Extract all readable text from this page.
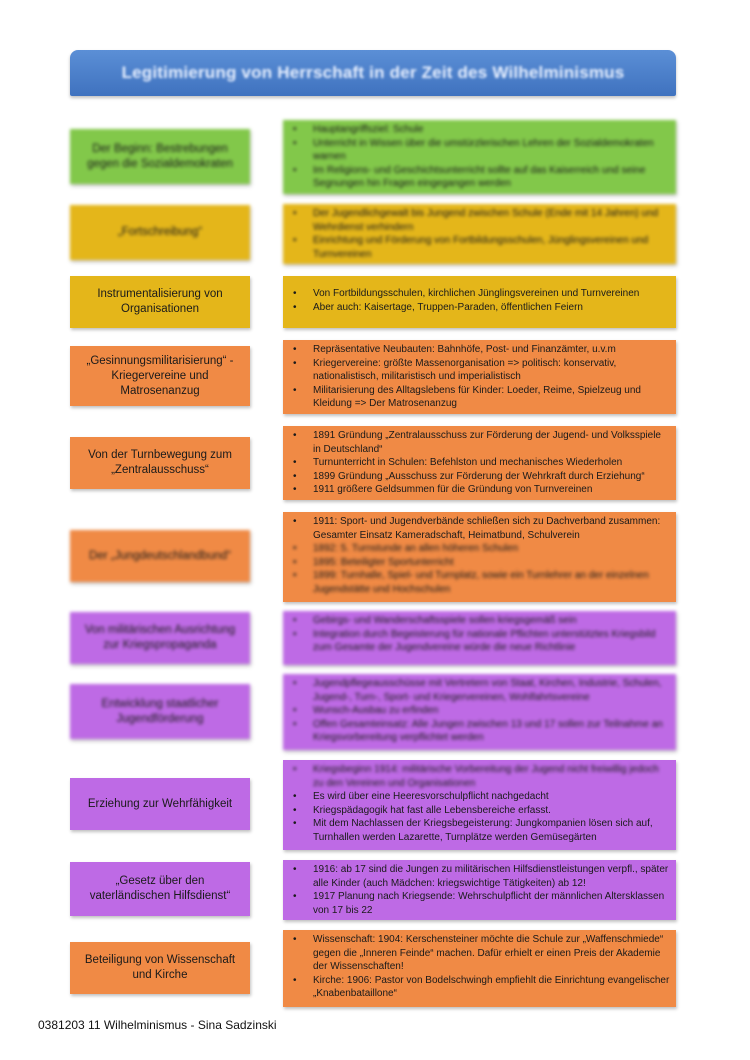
Legitimierung von Herrschaft in der Zeit des Wilhelminismus
Der Beginn: Bestrebungen gegen die Sozialdemokraten
• Hauptangriffsziel: Schule
• Unterricht in Wissen über die umstürzlerischen Lehren der Sozialdemokraten warnen
• Im Religions- und Geschichtsunterricht sollte auf das Kaiserreich und seine Segnungen hin Fragen eingegangen werden
„Fortschreibung“
• Der Jugendlichgewalt bis Jungend zwischen Schule (Ende mit 14 Jahren) und Wehrdienst verhindern
• Einrichtung und Förderung von Fortbildungsschulen, Jünglingsvereinen und Turnvereinen
Instrumentalisierung von Organisationen
• Von Fortbildungsschulen, kirchlichen Jünglingsvereinen und Turnvereinen
• Aber auch: Kaisertage, Truppen-Paraden, öffentlichen Feiern
„Gesinnungsmilitarisierung“ - Kriegervereine und Matrosenanzug
• Repräsentative Neubauten: Bahnhöfe, Post- und Finanzämter, u.v.m
• Kriegervereine: größte Massenorganisation => politisch: konservativ, nationalistisch, militaristisch und imperialistisch
• Militarisierung des Alltagslebens für Kinder: Loeder, Reime, Spielzeug und Kleidung => Der Matrosenanzug
Von der Turnbewegung zum „Zentralausschuss“
• 1891 Gründung „Zentralausschuss zur Förderung der Jugend- und Volksspiele in Deutschland“
• Turnunterricht in Schulen: Befehlston und mechanisches Wiederholen
• 1899 Gründung „Ausschuss zur Förderung der Wehrkraft durch Erziehung“
• 1911 größere Geldsummen für die Gründung von Turnvereinen
Der „Jungdeutschlandbund“
• 1911: Sport- und Jugendverbände schließen sich zu Dachverband zusammen: Gesamter Einsatz Kameradschaft, Heimatbund, Schulverein
• 1892: 5. Turnstunde an allen höheren Schulen
• 1895: Beteiligter Sportunterricht
• 1899: Turnhalle, Spiel- und Turnplatz, sowie ein Turnlehrer an der einzelnen Jugendstätte und Hochschulen
Von militärischen Ausrichtung zur Kriegspropaganda
• Gebirgs- und Wanderschaftsspiele sollen kriegsgemäß sein
• Integration durch Begeisterung für nationale Pflichten unterstütztes Kriegsbild zum Gesamte der Jugendvereine würde die neue Richtlinie
Entwicklung staatlicher Jugendförderung
• Jugendpflegeausschüsse mit Vertretern von Staat, Kirchen, Industrie, Schulen, Jugend-, Turn-, Sport- und Kriegervereinen, Wohlfahrtsvereine
• Wunsch-Ausbau zu erfinden
• Offen Gesamteinsatz: Alle Jungen zwischen 13 und 17 sollen zur Teilnahme an Kriegsvorbereitung verpflichtet werden
Erziehung zur Wehrfähigkeit
• Kriegsbeginn 1914: militärische Vorbereitung der Jugend nicht freiwillig jedoch zu den Vereinen und Organisationen
• Es wird über eine Heeresvorschulpflicht nachgedacht
• Kriegspädagogik hat fast alle Lebensbereiche erfasst.
• Mit dem Nachlassen der Kriegsbegeisterung: Jungkompanien lösen sich auf, Turnhallen werden Lazarette, Turnplätze werden Gemüsegärten
„Gesetz über den vaterländischen Hilfsdienst“
• 1916: ab 17 sind die Jungen zu militärischen Hilfsdienstleistungen verpfl., später alle Kinder (auch Mädchen: kriegswichtige Tätigkeiten) ab 12!
• 1917 Planung nach Kriegsende: Wehrschulpflicht der männlichen Altersklassen von 17 bis 22
Beteiligung von Wissenschaft und Kirche
• Wissenschaft: 1904: Kerschensteiner möchte die Schule zur „Waffenschmiede“ gegen die „Inneren Feinde“ machen. Dafür erhielt er einen Preis der Akademie der Wissenschaften!
• Kirche: 1906: Pastor von Bodelschwingh empfiehlt die Einrichtung evangelischer „Knabenbataillone“
0381203 11 Wilhelminismus - Sina Sadzinski
